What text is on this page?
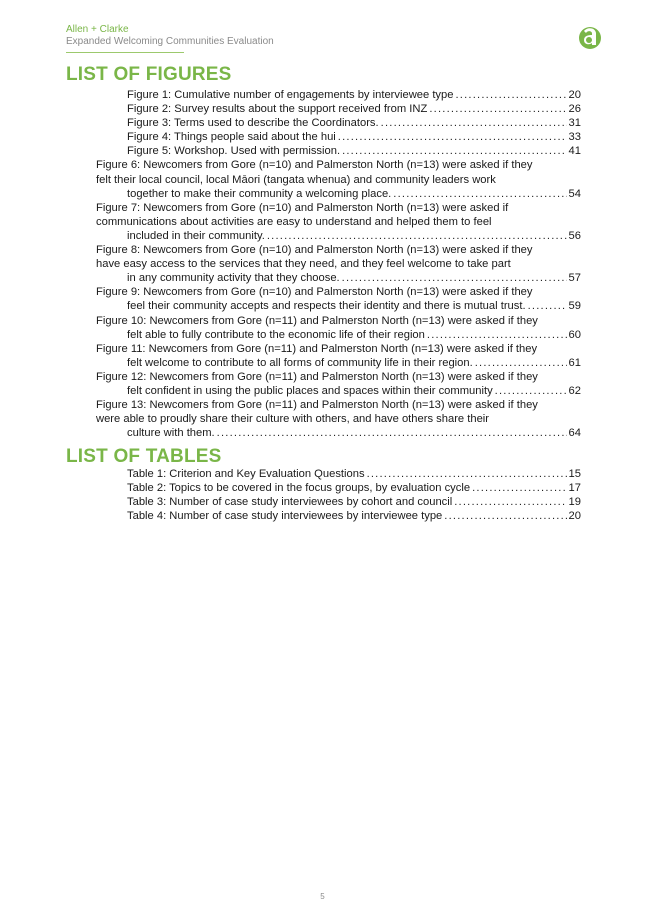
Allen + Clarke
Expanded Welcoming Communities Evaluation
LIST OF FIGURES
Figure 1: Cumulative number of engagements by interviewee type .....	20
Figure 2: Survey results about the support received from INZ .....	26
Figure 3: Terms used to describe the Coordinators. .....	31
Figure 4: Things people said about the hui .....	33
Figure 5: Workshop. Used with permission. .....	41
Figure 6: Newcomers from Gore (n=10) and Palmerston North (n=13) were asked if they
felt their local council, local Māori (tangata whenua) and community leaders work
together to make their community a welcoming place. .....	54
Figure 7: Newcomers from Gore (n=10) and Palmerston North (n=13) were asked if
communications about activities are easy to understand and helped them to feel
included in their community. .....	56
Figure 8: Newcomers from Gore (n=10) and Palmerston North (n=13) were asked if they
have easy access to the services that they need, and they feel welcome to take part
in any community activity that they choose. .....	57
Figure 9: Newcomers from Gore (n=10) and Palmerston North (n=13) were asked if they
feel their community accepts and respects their identity and there is mutual trust. .....	59
Figure 10: Newcomers from Gore (n=11) and Palmerston North (n=13) were asked if they
felt able to fully contribute to the economic life of their region .....	60
Figure 11: Newcomers from Gore (n=11) and Palmerston North (n=13) were asked if they
felt welcome to contribute to all forms of community life in their region. .....	61
Figure 12: Newcomers from Gore (n=11) and Palmerston North (n=13) were asked if they
felt confident in using the public places and spaces within their community .....	62
Figure 13: Newcomers from Gore (n=11) and Palmerston North (n=13) were asked if they
were able to proudly share their culture with others, and have others share their
culture with them. .....	64
LIST OF TABLES
Table 1: Criterion and Key Evaluation Questions .....	15
Table 2: Topics to be covered in the focus groups, by evaluation cycle .....	17
Table 3: Number of case study interviewees by cohort and council .....	19
Table 4: Number of case study interviewees by interviewee type .....	20
5
